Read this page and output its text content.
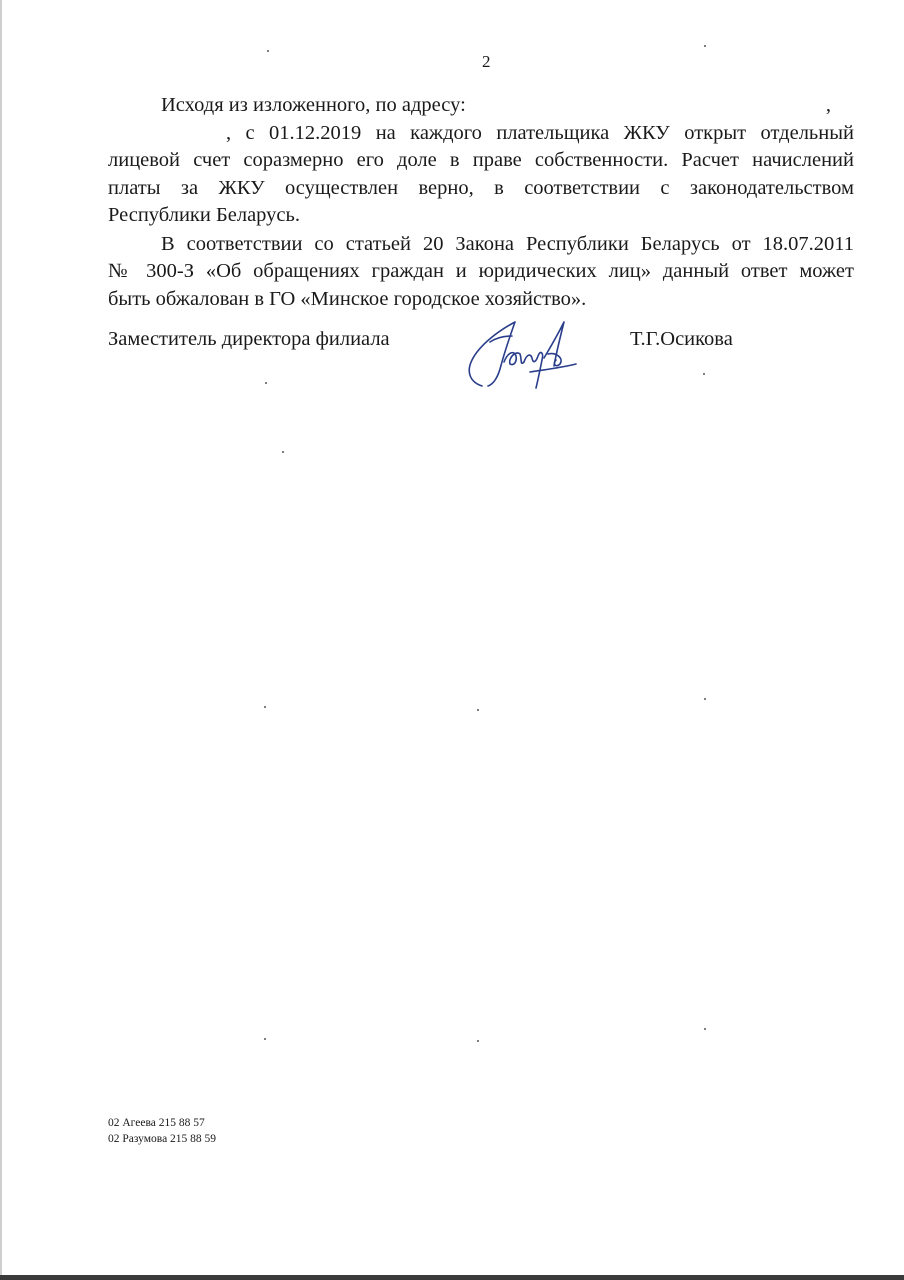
2

Исходя из изложенного, по адресу:	,
, с 01.12.2019 на каждого плательщика ЖКУ открыт отдельный
лицевой счет соразмерно его доле в праве собственности. Расчет начислений
платы за ЖКУ осуществлен верно, в соответствии с законодательством
Республики Беларусь.

В соответствии со статьей 20 Закона Республики Беларусь от 18.07.2011
№ 300-З «Об обращениях граждан и юридических лиц» данный ответ может
быть обжалован в ГО «Минское городское хозяйство».

Заместитель директора филиала	Т.Г.Осикова
02 Агеева 215 88 57
02 Разумова 215 88 59
